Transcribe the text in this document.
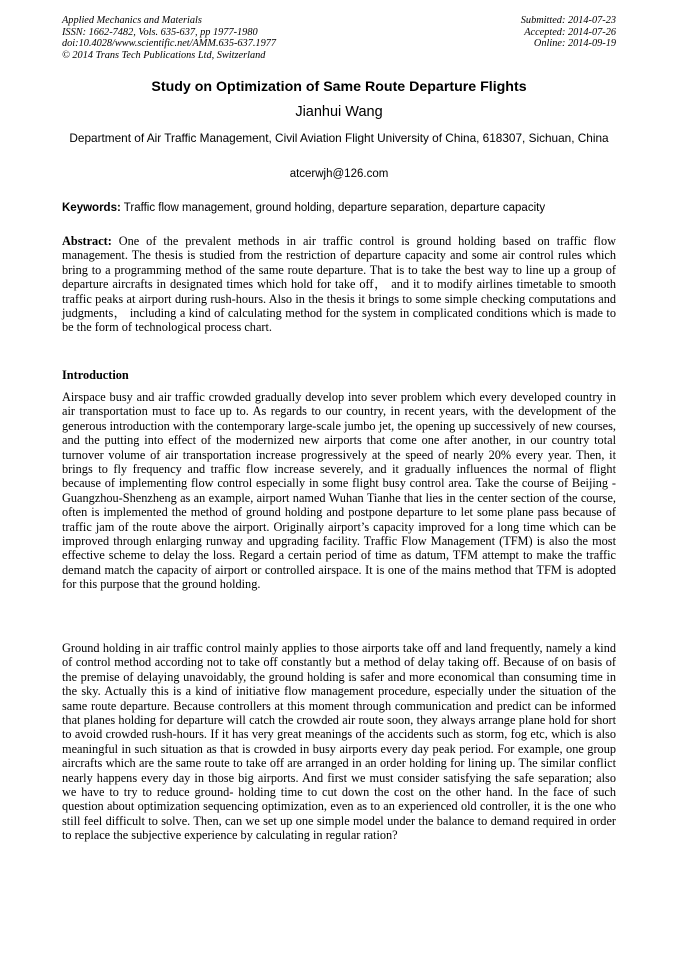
Applied Mechanics and Materials
ISSN: 1662-7482, Vols. 635-637, pp 1977-1980
doi:10.4028/www.scientific.net/AMM.635-637.1977
© 2014 Trans Tech Publications Ltd, Switzerland
Submitted: 2014-07-23
Accepted: 2014-07-26
Online: 2014-09-19
Study on Optimization of Same Route Departure Flights
Jianhui Wang
Department of Air Traffic Management, Civil Aviation Flight University of China, 618307, Sichuan, China
atcerwjh@126.com
Keywords: Traffic flow management, ground holding, departure separation, departure capacity
Abstract: One of the prevalent methods in air traffic control is ground holding based on traffic flow management. The thesis is studied from the restriction of departure capacity and some air control rules which bring to a programming method of the same route departure. That is to take the best way to line up a group of departure aircrafts in designated times which hold for take off， and it to modify airlines timetable to smooth traffic peaks at airport during rush-hours. Also in the thesis it brings to some simple checking computations and judgments， including a kind of calculating method for the system in complicated conditions which is made to be the form of technological process chart.
Introduction
Airspace busy and air traffic crowded gradually develop into sever problem which every developed country in air transportation must to face up to. As regards to our country, in recent years, with the development of the generous introduction with the contemporary large-scale jumbo jet, the opening up successively of new courses, and the putting into effect of the modernized new airports that come one after another, in our country total turnover volume of air transportation increase progressively at the speed of nearly 20% every year. Then, it brings to fly frequency and traffic flow increase severely, and it gradually influences the normal of flight because of implementing flow control especially in some flight busy control area. Take the course of Beijing -Guangzhou-Shenzheng as an example, airport named Wuhan Tianhe that lies in the center section of the course, often is implemented the method of ground holding and postpone departure to let some plane pass because of traffic jam of the route above the airport. Originally airport’s capacity improved for a long time which can be improved through enlarging runway and upgrading facility. Traffic Flow Management (TFM) is also the most effective scheme to delay the loss. Regard a certain period of time as datum, TFM attempt to make the traffic demand match the capacity of airport or controlled airspace. It is one of the mains method that TFM is adopted for this purpose that the ground holding.
Ground holding in air traffic control mainly applies to those airports take off and land frequently, namely a kind of control method according not to take off constantly but a method of delay taking off. Because of on basis of the premise of delaying unavoidably, the ground holding is safer and more economical than consuming time in the sky. Actually this is a kind of initiative flow management procedure, especially under the situation of the same route departure. Because controllers at this moment through communication and predict can be informed that planes holding for departure will catch the crowded air route soon, they always arrange plane hold for short to avoid crowded rush-hours. If it has very great meanings of the accidents such as storm, fog etc, which is also meaningful in such situation as that is crowded in busy airports every day peak period. For example, one group aircrafts which are the same route to take off are arranged in an order holding for lining up. The similar conflict nearly happens every day in those big airports. And first we must consider satisfying the safe separation; also we have to try to reduce ground- holding time to cut down the cost on the other hand. In the face of such question about optimization sequencing optimization, even as to an experienced old controller, it is the one who still feel difficult to solve. Then, can we set up one simple model under the balance to demand required in order to replace the subjective experience by calculating in regular ration?
